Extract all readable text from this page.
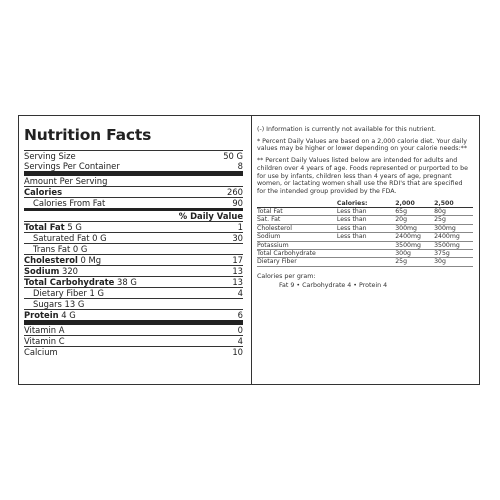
Nutrition Facts
Serving Size	50 G
Servings Per Container	8
Amount Per Serving
Calories	260
Calories From Fat	90
% Daily Value
Total Fat 5 G	1
Saturated Fat 0 G	30
Trans Fat 0 G
Cholesterol 0 Mg	17
Sodium 320	13
Total Carbohydrate 38 G	13
Dietary Fiber 1 G	4
Sugars 13 G
Protein 4 G	6
Vitamin A	0
Vitamin C	4
Calcium	10

(-) Information is currently not available for this nutrient.

* Percent Daily Values are based on a 2,000 calorie diet. Your daily values may be higher or lower depending on your calorie needs:**

** Percent Daily Values listed below are intended for adults and children over 4 years of age. Foods represented or purported to be for use by infants, children less than 4 years of age, pregnant women, or lactating women shall use the RDI's that are specified for the intended group provided by the FDA.

	Calories:	2,000	2,500
Total Fat	Less than	65g	80g
Sat. Fat	Less than	20g	25g
Cholesterol	Less than	300mg	300mg
Sodium	Less than	2400mg	2400mg
Potassium		3500mg	3500mg
Total Carbohydrate		300g	375g
Dietary Fiber		25g	30g
Calories per gram:
Fat 9 • Carbohydrate 4 • Protein 4
